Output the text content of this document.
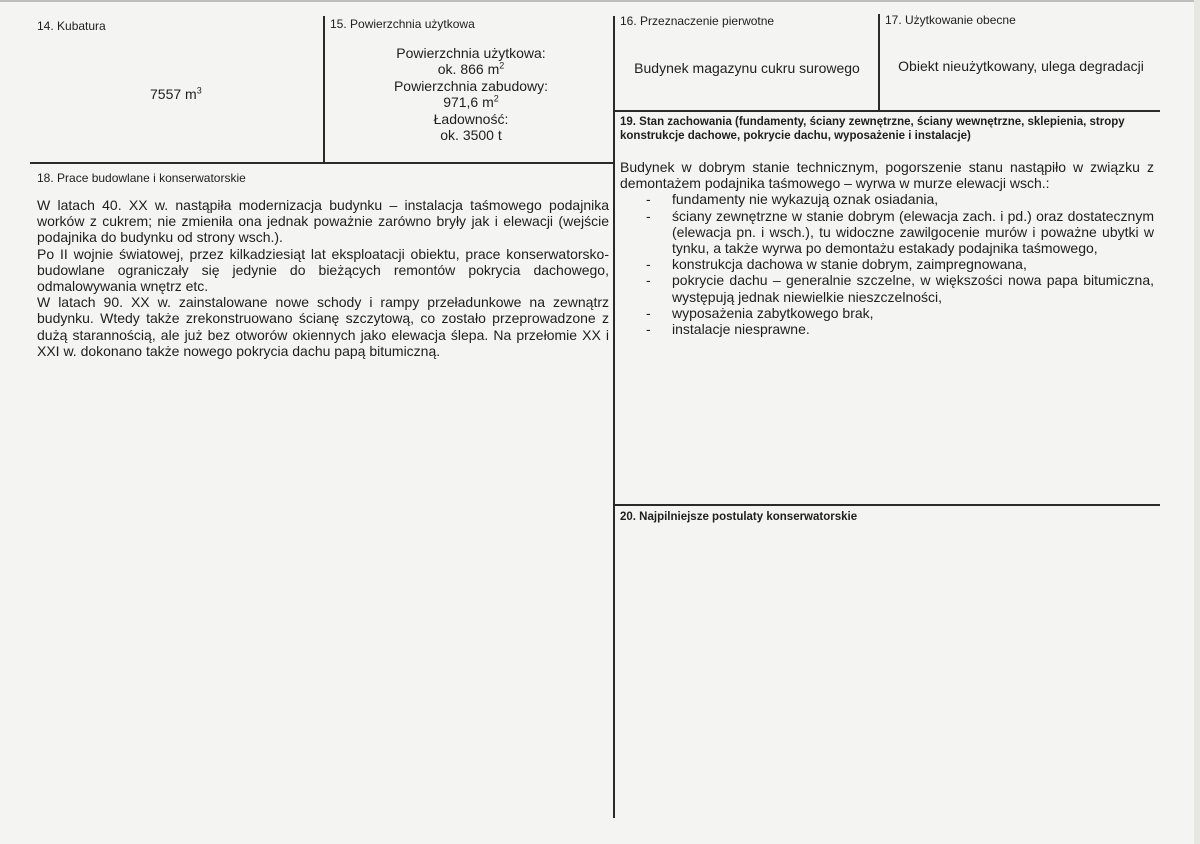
14. Kubatura
7557 $m^3$
15. Powierzchnia użytkowa
Powierzchnia użytkowa:
ok. 866 $m^2$
Powierzchnia zabudowy:
971,6 $m^2$
Ładowność:
ok. 3500 t
16. Przeznaczenie pierwotne
Budynek magazynu cukru surowego
17. Użytkowanie obecne
Obiekt nieużytkowany, ulega degradacji
18. Prace budowlane i konserwatorskie

W latach 40. XX w. nastąpiła modernizacja budynku – instalacja taśmowego podajnika worków z cukrem; nie zmieniła ona jednak poważnie zarówno bryły jak i elewacji (wejście podajnika do budynku od strony wsch.).

Po II wojnie światowej, przez kilkadziesiąt lat eksploatacji obiektu, prace konserwatorsko-budowlane ograniczały się jedynie do bieżących remontów pokrycia dachowego, odmalowywania wnętrz etc.

W latach 90. XX w. zainstalowane nowe schody i rampy przeładunkowe na zewnątrz budynku. Wtedy także zrekonstruowano ścianę szczytową, co zostało przeprowadzone z dużą starannością, ale już bez otworów okiennych jako elewacja ślepa. Na przełomie XX i XXI w. dokonano także nowego pokrycia dachu papą bitumiczną.

19. Stan zachowania (fundamenty, ściany zewnętrzne, ściany wewnętrzne, sklepienia, stropy konstrukcje dachowe, pokrycie dachu, wyposażenie i instalacje)

Budynek w dobrym stanie technicznym, pogorszenie stanu nastąpiło w związku z demontażem podajnika taśmowego – wyrwa w murze elewacji wsch.:

- fundamenty nie wykazują oznak osiadania,
- ściany zewnętrzne w stanie dobrym (elewacja zach. i pd.) oraz dostatecznym (elewacja pn. i wsch.), tu widoczne zawilgocenie murów i poważne ubytki w tynku, a także wyrwa po demontażu estakady podajnika taśmowego,
- konstrukcja dachowa w stanie dobrym, zaimpregnowana,
- pokrycie dachu – generalnie szczelne, w większości nowa papa bitumiczna, występują jednak niewielkie nieszczelności,
- wyposażenia zabytkowego brak,
- instalacje niesprawne.
20. Najpilniejsze postulaty konserwatorskie
